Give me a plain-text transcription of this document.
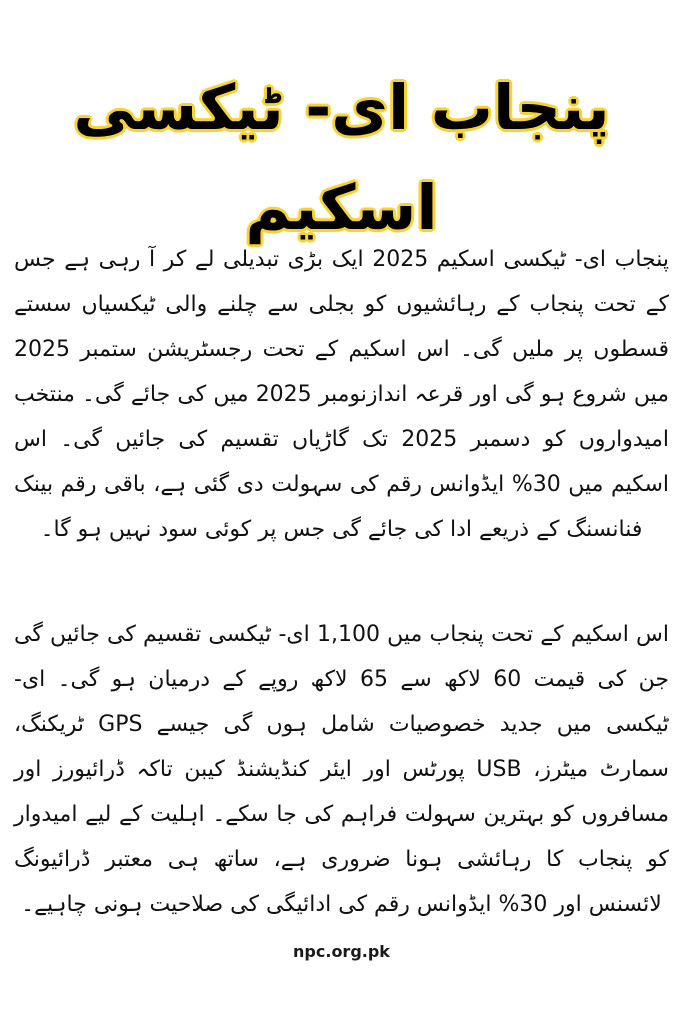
پنجاب ای- ٹیکسی اسکیم

پنجاب ای- ٹیکسی اسکیم 2025 ایک بڑی تبدیلی لے کر آ رہی ہے جس کے تحت پنجاب کے رہائشیوں کو بجلی سے چلنے والی ٹیکسیاں سستے قسطوں پر ملیں گی۔ اس اسکیم کے تحت رجسٹریشن ستمبر 2025 میں شروع ہو گی اور قرعہ اندازنومبر 2025 میں کی جائے گی۔ منتخب امیدواروں کو دسمبر 2025 تک گاڑیاں تقسیم کی جائیں گی۔ اس اسکیم میں 30% ایڈوانس رقم کی سہولت دی گئی ہے، باقی رقم بینک فنانسنگ کے ذریعے ادا کی جائے گی جس پر کوئی سود نہیں ہو گا۔

اس اسکیم کے تحت پنجاب میں 1,100 ای- ٹیکسی تقسیم کی جائیں گی جن کی قیمت 60 لاکھ سے 65 لاکھ روپے کے درمیان ہو گی۔ ای- ٹیکسی میں جدید خصوصیات شامل ہوں گی جیسے GPS ٹریکنگ، سمارٹ میٹرز، USB پورٹس اور ایئر کنڈیشنڈ کیبن تاکہ ڈرائیورز اور مسافروں کو بہترین سہولت فراہم کی جا سکے۔ اہلیت کے لیے امیدوار کو پنجاب کا رہائشی ہونا ضروری ہے، ساتھ ہی معتبر ڈرائیونگ لائسنس اور 30% ایڈوانس رقم کی ادائیگی کی صلاحیت ہونی چاہیے۔

npc.org.pk
